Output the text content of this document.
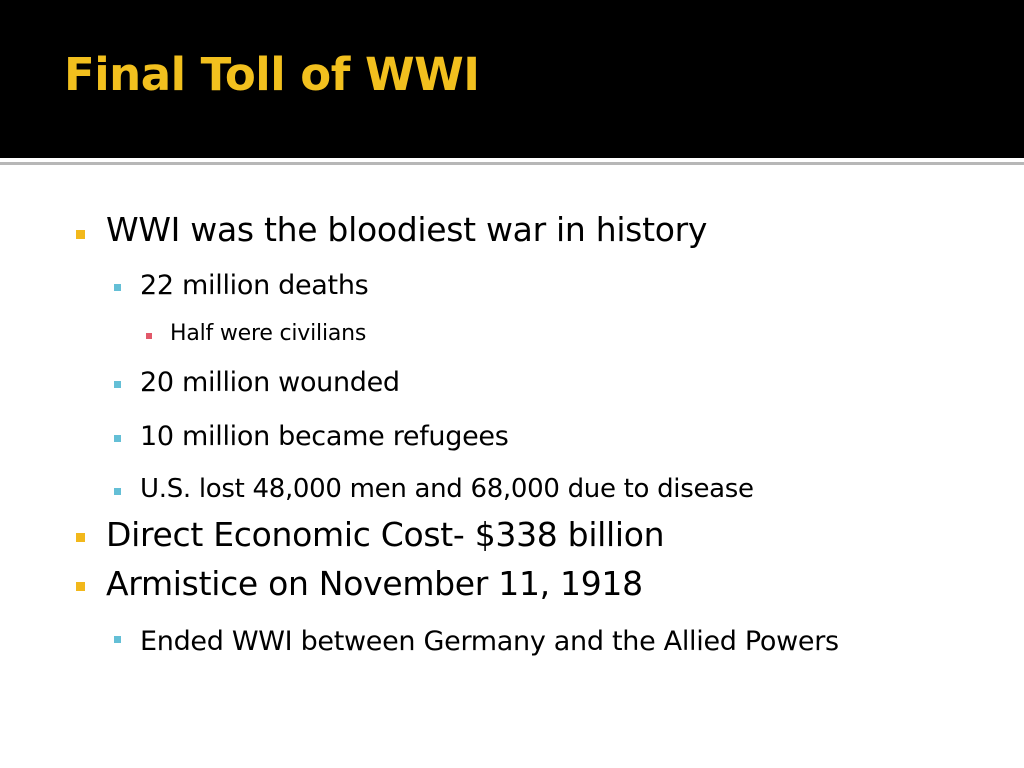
Final Toll of WWI
WWI was the bloodiest war in history
22 million deaths
Half were civilians
20 million wounded
10 million became refugees
U.S. lost 48,000 men and 68,000 due to disease
Direct Economic Cost- $338 billion
Armistice on November 11, 1918
Ended WWI between Germany and the Allied Powers
